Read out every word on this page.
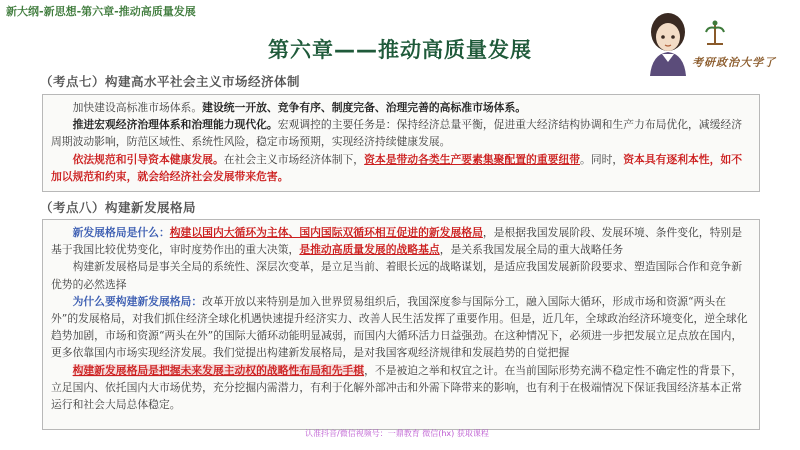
新大纲-新思想-第六章-推动高质量发展
第六章——推动高质量发展
考研政治大学了
（考点七）构建高水平社会主义市场经济体制

加快建设高标准市场体系。建设统一开放、竞争有序、制度完备、治理完善的高标准市场体系。

推进宏观经济治理体系和治理能力现代化。宏观调控的主要任务是：保持经济总量平衡，促进重大经济结构协调和生产力布局优化，减缓经济周期波动影响，防范区域性、系统性风险，稳定市场预期，实现经济持续健康发展。

依法规范和引导资本健康发展。在社会主义市场经济体制下，资本是带动各类生产要素集聚配置的重要纽带。同时，资本具有逐利本性，如不加以规范和约束，就会给经济社会发展带来危害。

（考点八）构建新发展格局

新发展格局是什么：构建以国内大循环为主体、国内国际双循环相互促进的新发展格局，是根据我国发展阶段、发展环境、条件变化，特别是基于我国比较优势变化，审时度势作出的重大决策，是推动高质量发展的战略基点，是关系我国发展全局的重大战略任务

构建新发展格局是事关全局的系统性、深层次变革，是立足当前、着眼长远的战略谋划，是适应我国发展新阶段要求、塑造国际合作和竞争新优势的必然选择

为什么要构建新发展格局：改革开放以来特别是加入世界贸易组织后，我国深度参与国际分工，融入国际大循环，形成市场和资源“两头在外”的发展格局，对我们抓住经济全球化机遇快速提升经济实力、改善人民生活发挥了重要作用。但是，近几年，全球政治经济环境变化，逆全球化趋势加剧，市场和资源“两头在外”的国际大循环动能明显减弱，而国内大循环活力日益强劲。在这种情况下，必须进一步把发展立足点放在国内，更多依靠国内市场实现经济发展。我们觉提出构建新发展格局，是对我国客观经济规律和发展趋势的自觉把握

构建新发展格局是把握未来发展主动权的战略性布局和先手棋，不是被迫之举和权宜之计。在当前国际形势充满不稳定性不确定性的背景下，立足国内、依托国内大市场优势，充分挖掘内需潜力，有利于化解外部冲击和外需下降带来的影响，也有利于在极端情况下保证我国经济基本正常运行和社会大局总体稳定。

认准抖音/微信视频号：一鼎教育 微信(hx) 获取课程
